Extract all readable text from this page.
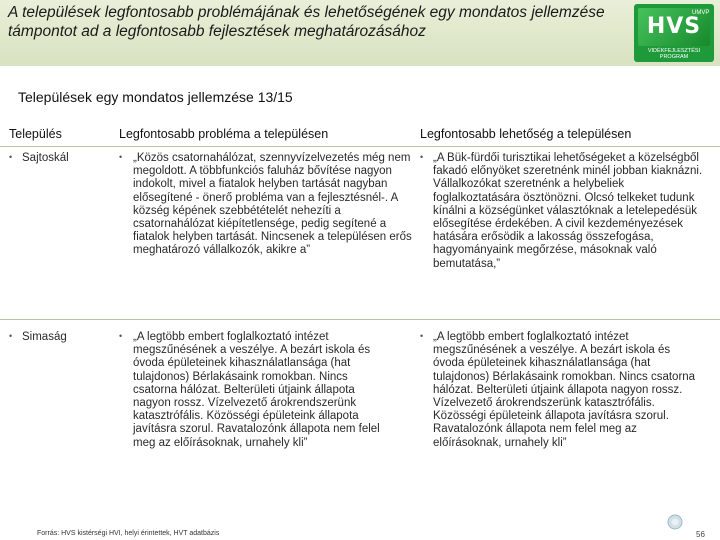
A települések legfontosabb problémájának és lehetőségének egy mondatos jellemzése támpontot ad a legfontosabb fejlesztések meghatározásához
UMVP
HVS
VIDÉKFEJLESZTÉSI PROGRAM
Települések egy mondatos jellemzése 13/15
Település	Legfontosabb probléma a településen	Legfontosabb lehetőség a településen
• Sajtoskál	• „Közös csatornahálózat, szennyvízelvezetés még nem megoldott. A többfunkciós faluház bővítése nagyon indokolt, mivel a fiatalok helyben tartását nagyban elősegítené - önerő probléma van a fejlesztésnél-. A község képének szebbétételét nehezíti a csatornahálózat kiépítetlensége, pedig segítené a fiatalok helyben tartását. Nincsenek a településen erős meghatározó vállalkozók, akikre a”
• „A Bük-fürdői turisztikai lehetőségeket a közelségből fakadó előnyöket szeretnénk minél jobban kiaknázni. Vállalkozókat szeretnénk a helybeliek foglalkoztatására ösztönözni. Olcsó telkeket tudunk kínálni a községünket választóknak a letelepedésük elősegítése érdekében. A civil kezdeményezések hatására erősödik a lakosság összefogása, hagyományaink megőrzése, másoknak való bemutatása,”
• Simaság	• „A legtöbb embert foglalkoztató intézet megszűnésének a veszélye. A bezárt iskola és óvoda épületeinek kihasználatlansága (hat tulajdonos) Bérlakásaink romokban. Nincs csatorna hálózat. Belterületi útjaink állapota nagyon rossz. Vízelvezető árokrendszerünk katasztrófális. Közösségi épületeink állapota javításra szorul. Ravatalozónk állapota nem felel meg az előírásoknak, urnahely kli”
• „A legtöbb embert foglalkoztató intézet megszűnésének a veszélye. A bezárt iskola és óvoda épületeinek kihasználatlansága (hat tulajdonos) Bérlakásaink romokban. Nincs csatorna hálózat. Belterületi útjaink állapota nagyon rossz. Vízelvezető árokrendszerünk katasztrófális. Közösségi épületeink állapota javításra szorul. Ravatalozónk állapota nem felel meg az előírásoknak, urnahely kli”
Forrás: HVS kistérségi HVI, helyi érintettek, HVT adatbázis	56
